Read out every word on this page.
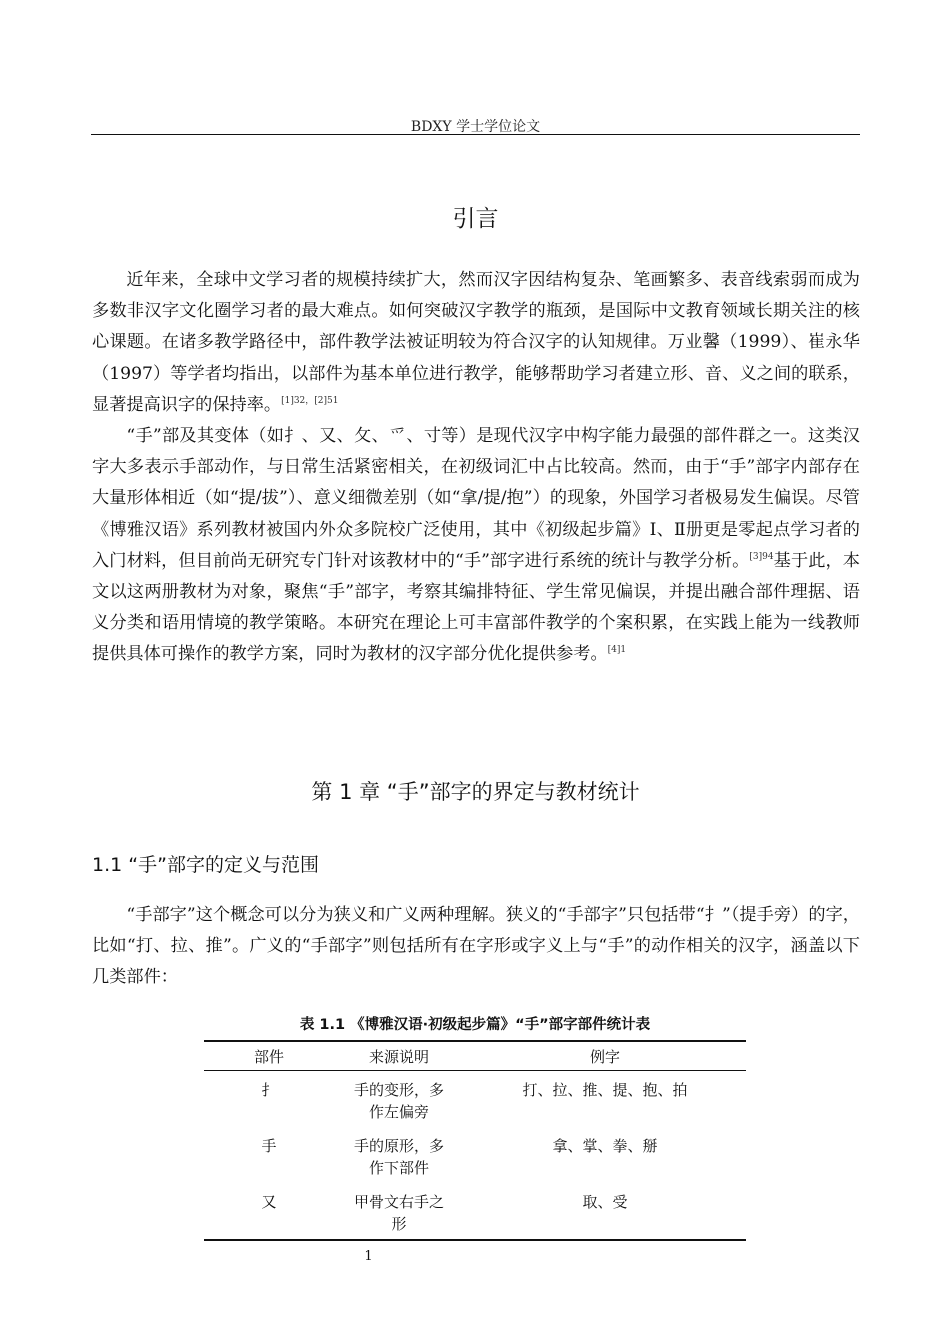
BDXY 学士学位论文
引言

近年来，全球中文学习者的规模持续扩大，然而汉字因结构复杂、笔画繁多、表音线索弱而成为多数非汉字文化圈学习者的最大难点。如何突破汉字教学的瓶颈，是国际中文教育领域长期关注的核心课题。在诸多教学路径中，部件教学法被证明较为符合汉字的认知规律。万业馨（1999）、崔永华（1997）等学者均指出，以部件为基本单位进行教学，能够帮助学习者建立形、音、义之间的联系，显著提高识字的保持率。$^{[1]32,[2]51}$

“手”部及其变体（如扌、又、攵、爫、寸等）是现代汉字中构字能力最强的部件群之一。这类汉字大多表示手部动作，与日常生活紧密相关，在初级词汇中占比较高。然而，由于“手”部字内部存在大量形体相近（如“提/拔”）、意义细微差别（如“拿/提/抱”）的现象，外国学习者极易发生偏误。尽管《博雅汉语》系列教材被国内外众多院校广泛使用，其中《初级起步篇》Ⅰ、Ⅱ册更是零起点学习者的入门材料，但目前尚无研究专门针对该教材中的“手”部字进行系统的统计与教学分析。$^{[3]94}$基于此，本文以这两册教材为对象，聚焦“手”部字，考察其编排特征、学生常见偏误，并提出融合部件理据、语义分类和语用情境的教学策略。本研究在理论上可丰富部件教学的个案积累，在实践上能为一线教师提供具体可操作的教学方案，同时为教材的汉字部分优化提供参考。$^{[4]1}$

第 1 章 “手”部字的界定与教材统计
1.1 “手”部字的定义与范围

“手部字”这个概念可以分为狭义和广义两种理解。狭义的“手部字”只包括带“扌”（提手旁）的字，比如“打、拉、推”。广义的“手部字”则包括所有在字形或字义上与“手”的动作相关的汉字，涵盖以下几类部件：

表 1.1 《博雅汉语·初级起步篇》“手”部字部件统计表
部件	来源说明	例字
扌	手的变形，多作左偏旁	打、拉、推、提、抱、拍
手	手的原形，多作下部件	拿、掌、拳、掰
又	甲骨文右手之形	取、受
1
